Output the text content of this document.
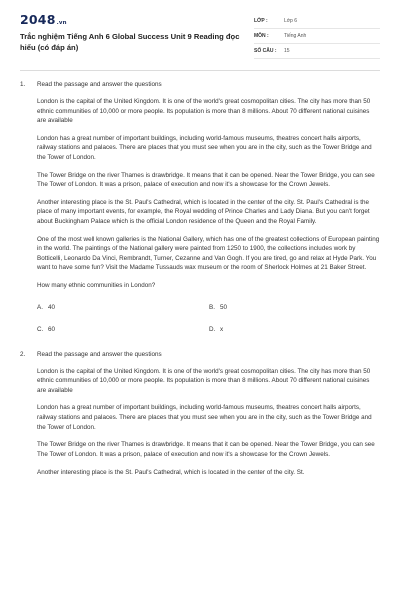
2048.vn
Trắc nghiệm Tiếng Anh 6 Global Success Unit 9 Reading đọc hiểu (có đáp án)
LỚP :	Lớp 6
MÔN :	Tiếng Anh
SỐ CÂU :	15
1.	Read the passage and answer the questions

London is the capital of the United Kingdom. It is one of the world's great cosmopolitan cities. The city has more than 50 ethnic communities of 10,000 or more people. Its population is more than 8 millions. About 70 different national cuisines are available

London has a great number of important buildings, including world-famous museums, theatres concert halls airports, railway stations and palaces. There are places that you must see when you are in the city, such as the Tower Bridge and the Tower of London.

The Tower Bridge on the river Thames is drawbridge. It means that it can be opened. Near the Tower Bridge, you can see The Tower of London. It was a prison, palace of execution and now it's a showcase for the Crown Jewels.

Another interesting place is the St. Paul's Cathedral, which is located in the center of the city. St. Paul's Cathedral is the place of many important events, for example, the Royal wedding of Prince Charles and Lady Diana. But you can't forget about Buckingham Palace which is the official London residence of the Queen and the Royal Family.

One of the most well known galleries is the National Gallery, which has one of the greatest collections of European painting in the world. The paintings of the National gallery were painted from 1250 to 1900, the collections includes work by Botticelli, Leonardo Da Vinci, Rembrandt, Turner, Cezanne and Van Gogh. If you are tired, go and relax at Hyde Park. You want to have some fun? Visit the Madame Tussauds wax museum or the room of Sherlock Holmes at 21 Baker Street.

How many ethnic communities in London?

A. 40	B. 50
C. 60	D. x
2.	Read the passage and answer the questions

London is the capital of the United Kingdom. It is one of the world's great cosmopolitan cities. The city has more than 50 ethnic communities of 10,000 or more people. Its population is more than 8 millions. About 70 different national cuisines are available

London has a great number of important buildings, including world-famous museums, theatres concert halls airports, railway stations and palaces. There are places that you must see when you are in the city, such as the Tower Bridge and the Tower of London.

The Tower Bridge on the river Thames is drawbridge. It means that it can be opened. Near the Tower Bridge, you can see The Tower of London. It was a prison, palace of execution and now it's a showcase for the Crown Jewels.

Another interesting place is the St. Paul's Cathedral, which is located in the center of the city. St.
